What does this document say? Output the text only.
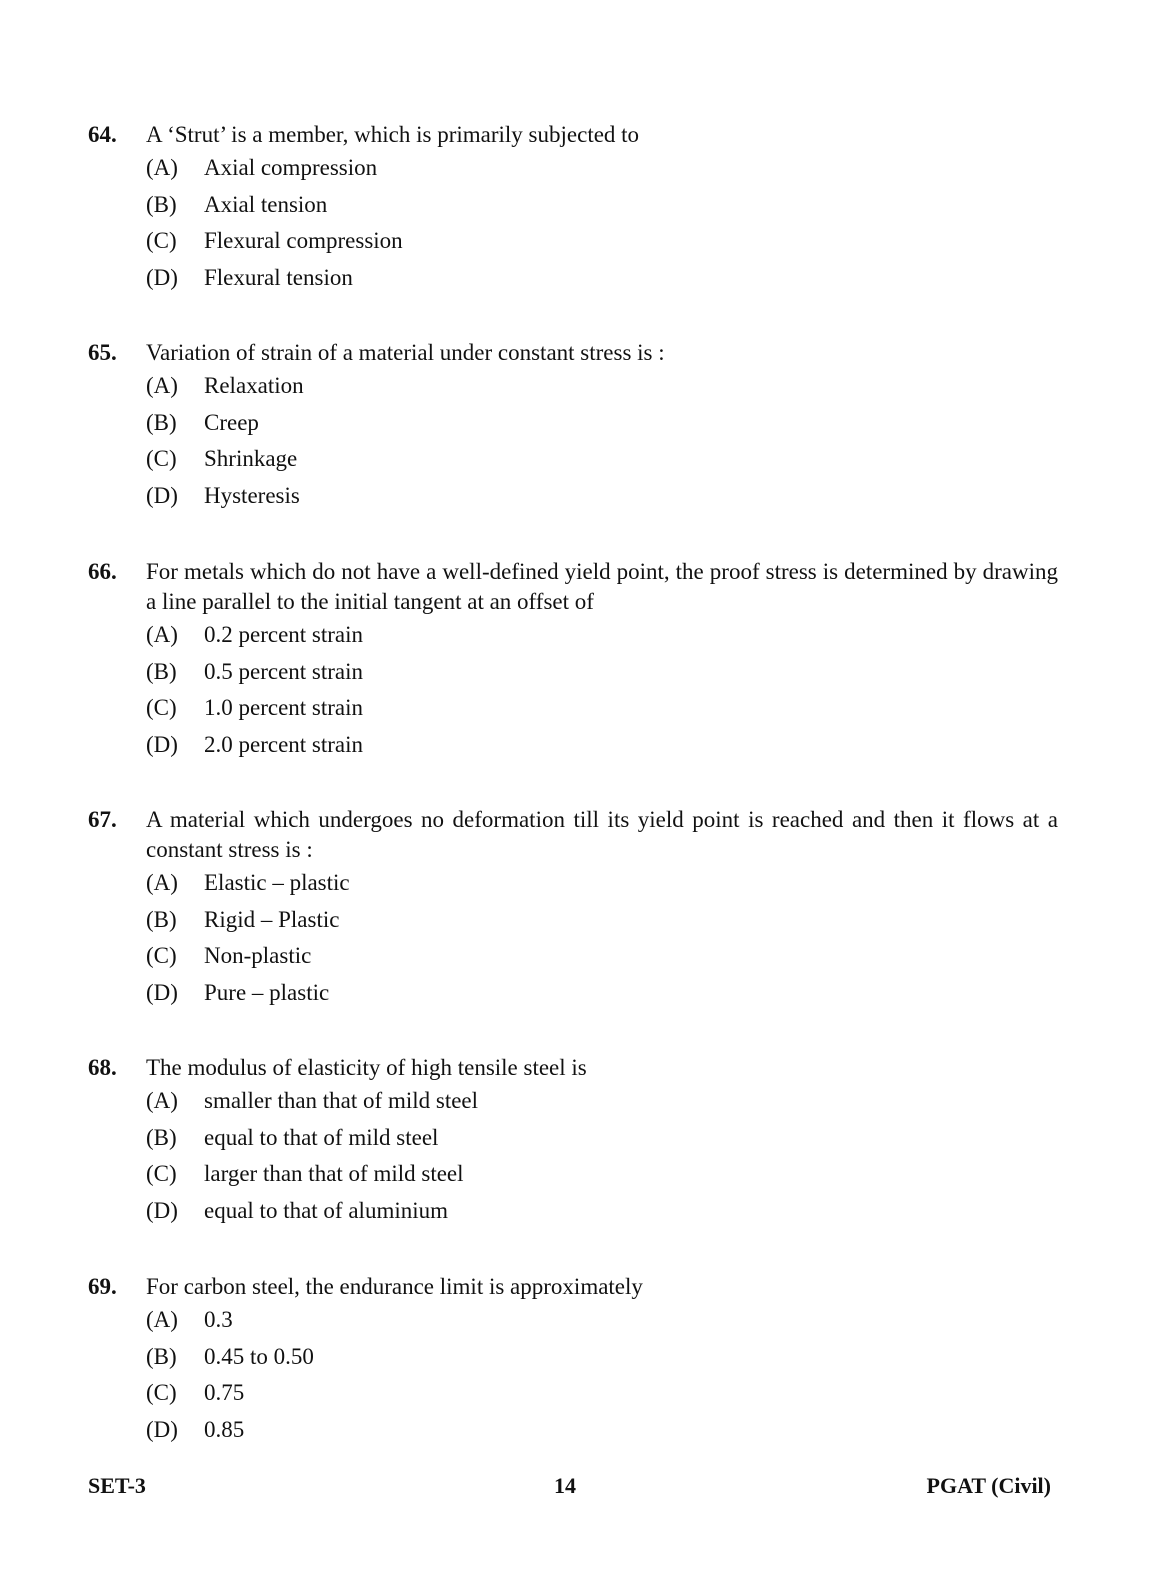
64. A ‘Strut’ is a member, which is primarily subjected to
(A) Axial compression
(B) Axial tension
(C) Flexural compression
(D) Flexural tension
65. Variation of strain of a material under constant stress is :
(A) Relaxation
(B) Creep
(C) Shrinkage
(D) Hysteresis
66. For metals which do not have a well-defined yield point, the proof stress is determined by drawing a line parallel to the initial tangent at an offset of
(A) 0.2 percent strain
(B) 0.5 percent strain
(C) 1.0 percent strain
(D) 2.0 percent strain
67. A material which undergoes no deformation till its yield point is reached and then it flows at a constant stress is :
(A) Elastic – plastic
(B) Rigid – Plastic
(C) Non-plastic
(D) Pure – plastic
68. The modulus of elasticity of high tensile steel is
(A) smaller than that of mild steel
(B) equal to that of mild steel
(C) larger than that of mild steel
(D) equal to that of aluminium
69. For carbon steel, the endurance limit is approximately
(A) 0.3
(B) 0.45 to 0.50
(C) 0.75
(D) 0.85
SET-3	14	PGAT (Civil)
